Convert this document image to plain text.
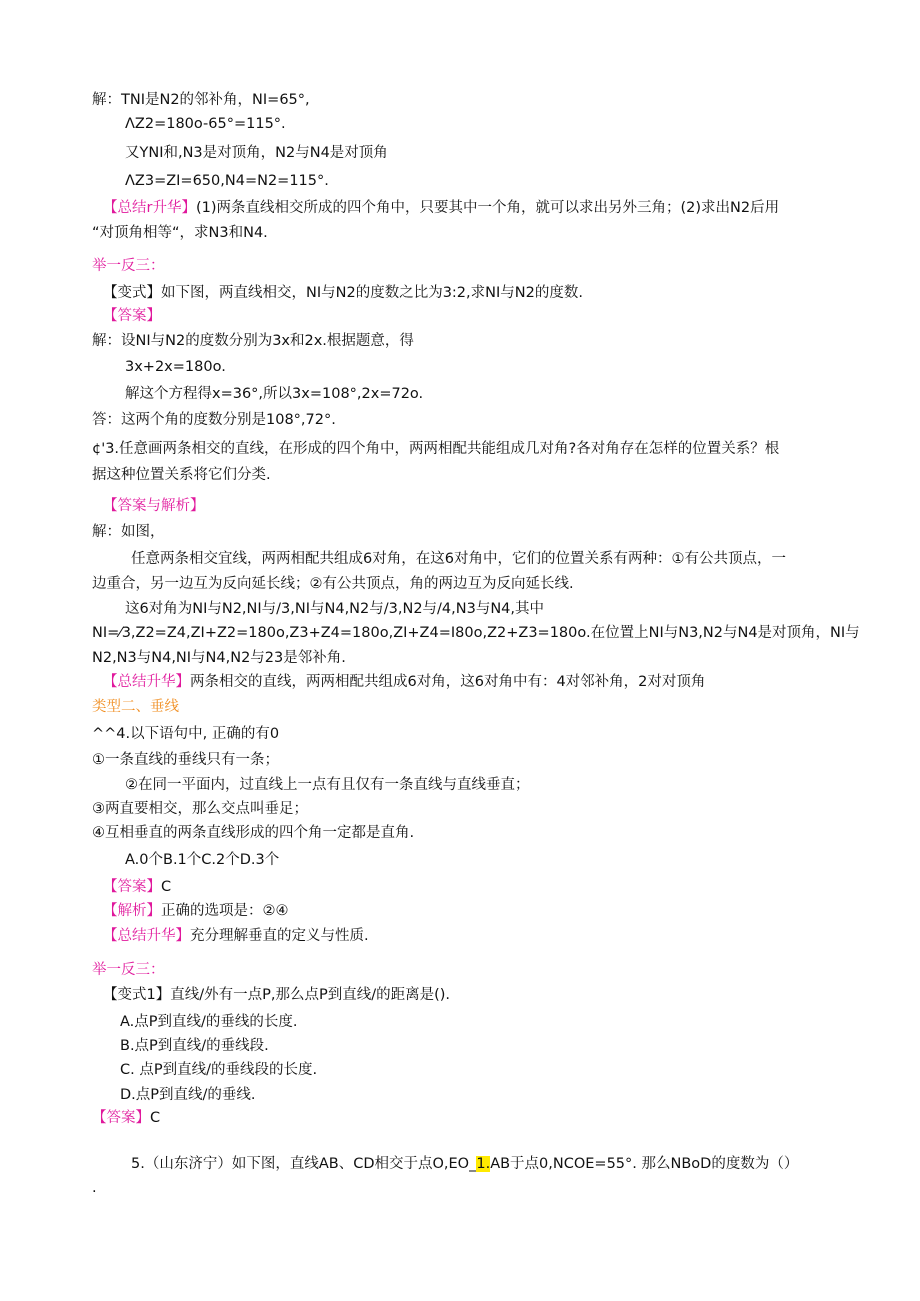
解：TNI是N2的邻补角，NI=65°,
ΛZ2=180o-65°=115°.
又YNI和,N3是对顶角，N2与N4是对顶角
ΛZ3=ZI=650,N4=N2=115°.
【总结r升华】(1)两条直线相交所成的四个角中，只要其中一个角，就可以求出另外三角；(2)求出N2后用
“对顶角相等“，求N3和N4.
举一反三：
【变式】如下图，两直线相交，NI与N2的度数之比为3:2,求NI与N2的度数.
【答案】
解：设NI与N2的度数分别为3x和2x.根据题意，得
3x+2x=180o.
解这个方程得x=36°,所以3x=108°,2x=72o.
答：这两个角的度数分别是108°,72°.
¢'3.任意画两条相交的直线，在形成的四个角中，两两相配共能组成几对角?各对角存在怎样的位置关系？根
据这种位置关系将它们分类.
【答案与解析】
解：如图，
任意两条相交宜线，两两相配共组成6对角，在这6对角中，它们的位置关系有两种：①有公共顶点，一
边重合，另一边互为反向延长线；②有公共顶点，角的两边互为反向延长线.
这6对角为NI与N2,NI与/3,NI与N4,N2与/3,N2与/4,N3与N4,其中
NI=⁄3,Z2=Z4,ZI+Z2=180o,Z3+Z4=180o,ZI+Z4=I80o,Z2+Z3=180o.在位置上NI与N3,N2与N4是对顶角，NI与
N2,N3与N4,NI与N4,N2与23是邻补角.
【总结升华】两条相交的直线，两两相配共组成6对角，这6对角中有：4对邻补角，2对对顶角
类型二、垂线
^^4.以下语句中, 正确的有0
①一条直线的垂线只有一条；
②在同一平面内，过直线上一点有且仅有一条直线与直线垂直；
③两直要相交，那么交点叫垂足；
④互相垂直的两条直线形成的四个角一定都是直角.
A.0个B.1个C.2个D.3个
【答案】C
【解析】正确的选项是：②④
【总结升华】充分理解垂直的定义与性质.
举一反三：
【变式1】直线/外有一点P,那么点P到直线/的距离是().
A.点P到直线/的垂线的长度.
B.点P到直线/的垂线段.
C. 点P到直线/的垂线段的长度.
D.点P到直线/的垂线.
【答案】C
5.（山东济宁）如下图，直线AB、CD相交于点O,EO_1.AB于点0,NCOE=55°. 那么NBoD的度数为（）
.
